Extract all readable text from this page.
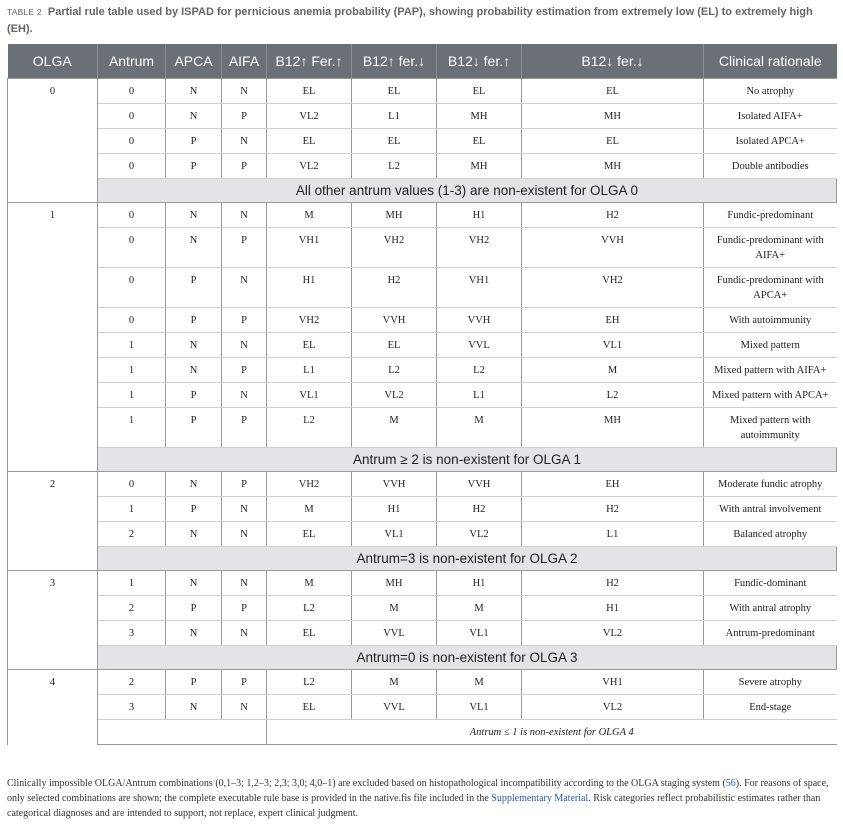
TABLE 2 Partial rule table used by ISPAD for pernicious anemia probability (PAP), showing probability estimation from extremely low (EL) to extremely high (EH).
OLGA	Antrum	APCA	AIFA	B12↑ Fer.↑	B12↑ fer.↓	B12↓ fer.↑	B12↓ fer.↓	Clinical rationale
0	0	N	N	EL	EL	EL	EL	No atrophy
	0	N	P	VL2	L1	MH	MH	Isolated AIFA+
	0	P	N	EL	EL	EL	EL	Isolated APCA+
	0	P	P	VL2	L2	MH	MH	Double antibodies
	All other antrum values (1-3) are non-existent for OLGA 0							
1	0	N	N	M	MH	H1	H2	Fundic-predominant
	0	N	P	VH1	VH2	VH2	VVH	Fundic-predominant with AIFA+
	0	P	N	H1	H2	VH1	VH2	Fundic-predominant with APCA+
	0	P	P	VH2	VVH	VVH	EH	With autoimmunity
	1	N	N	EL	EL	VVL	VL1	Mixed pattern
	1	N	P	L1	L2	L2	M	Mixed pattern with AIFA+
	1	P	N	VL1	VL2	L1	L2	Mixed pattern with APCA+
	1	P	P	L2	M	M	MH	Mixed pattern with autoimmunity
	Antrum ≥ 2 is non-existent for OLGA 1							
2	0	N	P	VH2	VVH	VVH	EH	Moderate fundic atrophy
	1	P	N	M	H1	H2	H2	With antral involvement
	2	N	N	EL	VL1	VL2	L1	Balanced atrophy
	Antrum=3 is non-existent for OLGA 2							
3	1	N	N	M	MH	H1	H2	Fundic-dominant
	2	P	P	L2	M	M	H1	With antral atrophy
	3	N	N	EL	VVL	VL1	VL2	Antrum-predominant
	Antrum=0 is non-existent for OLGA 3							
4	2	P	P	L2	M	M	VH1	Severe atrophy
	3	N	N	EL	VVL	VL1	VL2	End-stage
				Antrum ≤ 1 is non-existent for OLGA 4				
Clinically impossible OLGA/Antrum combinations (0,1–3; 1,2–3; 2,3; 3,0; 4,0–1) are excluded based on histopathological incompatibility according to the OLGA staging system (56). For reasons of space, only selected combinations are shown; the complete executable rule base is provided in the native.fis file included in the Supplementary Material. Risk categories reflect probabilistic estimates rather than categorical diagnoses and are intended to support, not replace, expert clinical judgment.
